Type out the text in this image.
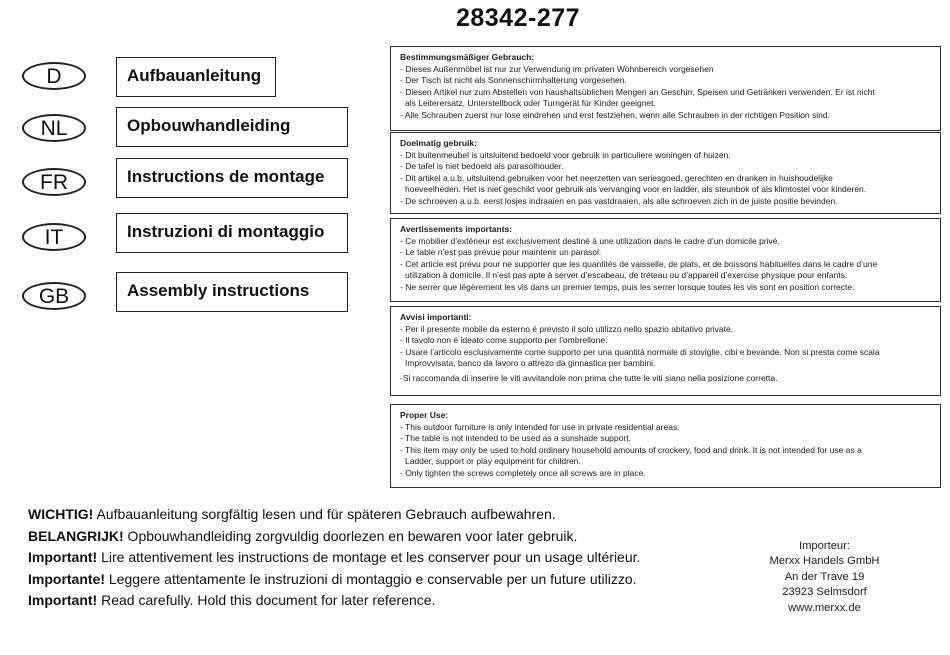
28342-277
D	Aufbauanleitung
NL	Opbouwhandleiding
FR	Instructions de montage
IT	Instruzioni di montaggio
GB	Assembly instructions
Bestimmungsmäßiger Gebrauch:
- Dieses Außenmöbel ist nur zur Verwendung im privaten Wohnbereich vorgesehen
- Der Tisch ist nicht als Sonnenschirmhalterung vorgesehen.
- Diesen Artikel nur zum Abstellen von haushaltsüblichen Mengen an Geschirr, Speisen und Getränken verwenden. Er ist nicht
als Leiterersatz, Unterstellbock oder Turngerät für Kinder geeignet.
- Alle Schrauben zuerst nur lose eindrehen und erst festziehen, wenn alle Schrauben in der richtigen Position sind.
Doelmatig gebruik:
- Dit buitenmeubel is uitsluitend bedoeld voor gebruik in particuliere woningen of huizen.
- De tafel is niet bedoeld als parasolhouder.
- Dit artikel a.u.b. uitsluitend gebruiken voor het neerzetten van seriesgoed, gerechten en dranken in huishoudelijke
hoeveelheden. Het is niet geschikt voor gebruik als vervanging voor en ladder, als steunbok of als klimtostel voor kinderen.
- De schroeven a.u.b. eerst losjes indraaien en pas vastdraaien, als alle schroeven zich in de juiste positie bevinden.
Avertissements importants:
- Ce mobilier d’extérieur est exclusivement destiné à une utilization dans le cadre d’un domicile privé.
- Le table n’est pas prévue pour maintenir un parasol.
- Cet article est prévu pour ne supporter que les quantités de vaisselle, de plats, et de boissons habituelles dans le cadre d’une
utilization à domicile. Il n’est pas apte à server d’escabeau, de tréteau ou d’appareil d’exercise physique pour enfants.
- Ne serrer que légèrement les vis dans un premier temps, puis les serrer lorsque toutes les vis sont en position correcte.
Avvisi importanti:
- Per il presente mobile da esterno é previsto il solo utilizzo nello spazio abitativo private.
- Il tavolo non é ideato come supporto per l’ombrellone.
- Usare l’articolo esclusivamente come supporto per una quantità normale di stoviglie, cibi e bevande. Non si presta come scala
Improvvisata, banco da lavoro o attrezo da ginnastica per bambini.
-Si raccomanda di inserire le viti avvitandole non prima che tutte le viti siano nella posizione corretta.
Proper Use:
- This outdoor furniture is only intended for use in private residential areas.
- The table is not intended to be used as a sunshade support.
- This item may only be used to hold ordinary household amounts of crockery, food and drink. It is not intended for use as a
Ladder, support or play equipment for children.
- Only tighten the screws completely once all screws are in place.
WICHTIG! Aufbauanleitung sorgfältig lesen und für späteren Gebrauch aufbewahren.
BELANGRIJK! Opbouwhandleiding zorgvuldig doorlezen en bewaren voor later gebruik.
Important! Lire attentivement les instructions de montage et les conserver pour un usage ultérieur.
Importante! Leggere attentamente le instruzioni di montaggio e conservable per un future utilizzo.
Important! Read carefully. Hold this document for later reference.
Importeur:
Merxx Handels GmbH
An der Trave 19
23923 Selmsdorf
www.merxx.de
